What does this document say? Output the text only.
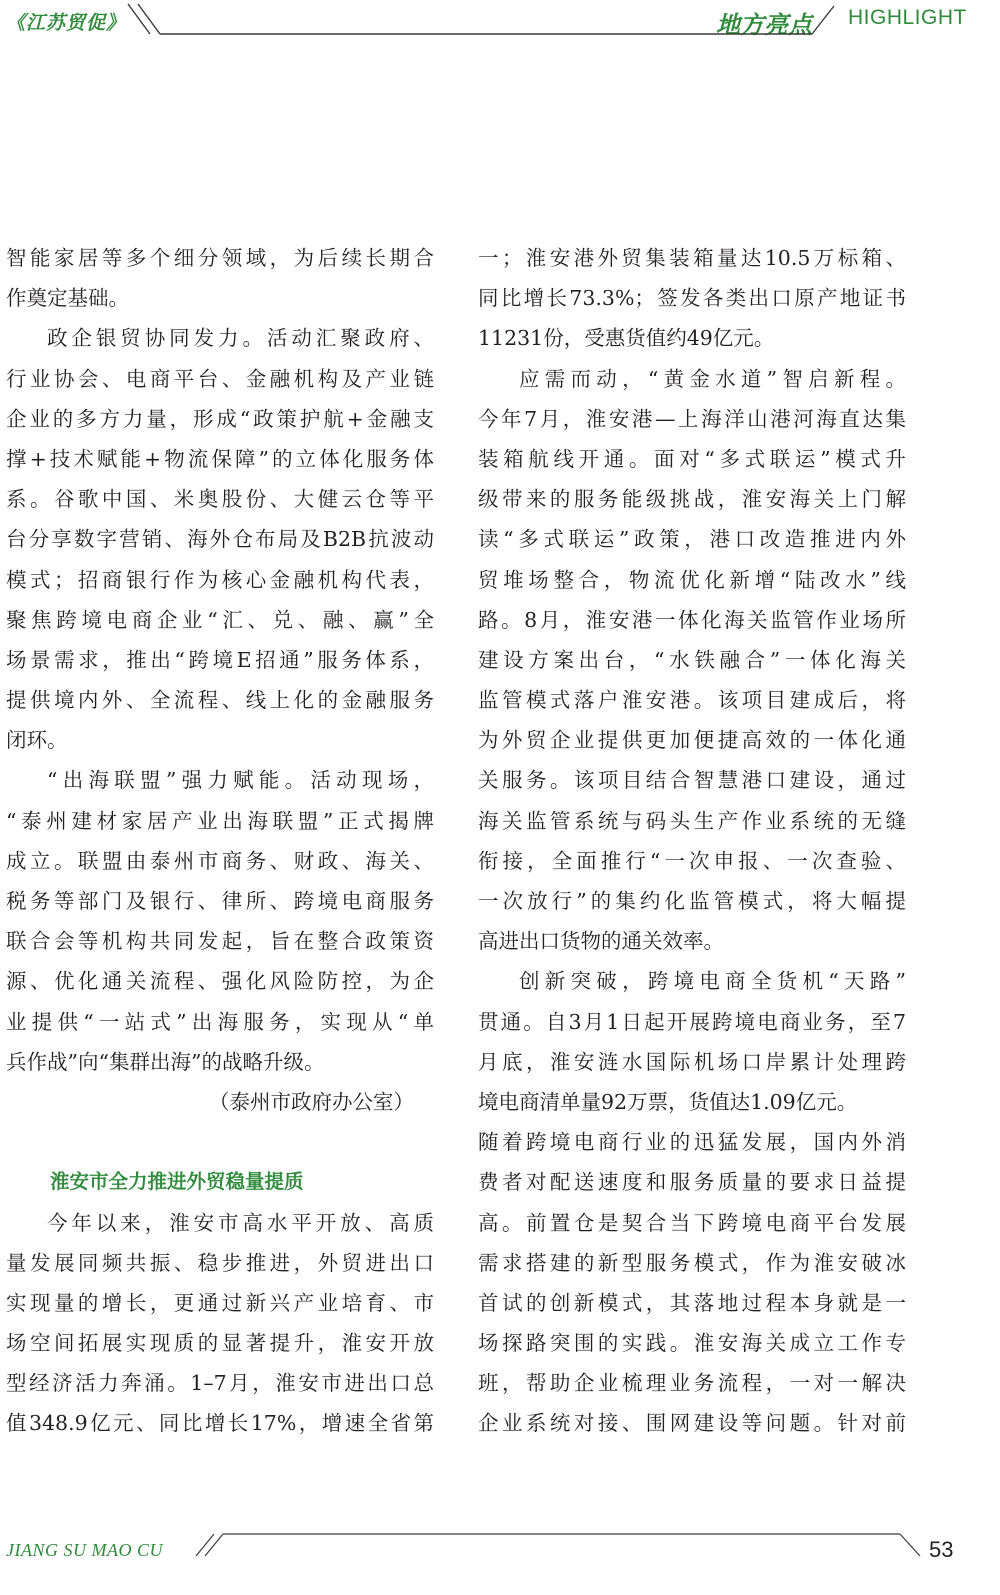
《江苏贸促》	地方亮点 HIGHLIGHT
智能家居等多个细分领域，为后续长期合
作奠定基础。
政企银贸协同发力。活动汇聚政府、
行业协会、电商平台、金融机构及产业链
企业的多方力量，形成“政策护航+金融支
撑+技术赋能+物流保障”的立体化服务体
系。谷歌中国、米奥股份、大健云仓等平
台分享数字营销、海外仓布局及B2B抗波动
模式；招商银行作为核心金融机构代表，
聚焦跨境电商企业“汇、兑、融、赢”全
场景需求，推出“跨境E招通”服务体系，
提供境内外、全流程、线上化的金融服务
闭环。
“出海联盟”强力赋能。活动现场，
“泰州建材家居产业出海联盟”正式揭牌
成立。联盟由泰州市商务、财政、海关、
税务等部门及银行、律所、跨境电商服务
联合会等机构共同发起，旨在整合政策资
源、优化通关流程、强化风险防控，为企
业提供“一站式”出海服务，实现从“单
兵作战”向“集群出海”的战略升级。
（泰州市政府办公室）
淮安市全力推进外贸稳量提质
今年以来，淮安市高水平开放、高质
量发展同频共振、稳步推进，外贸进出口
实现量的增长，更通过新兴产业培育、市
场空间拓展实现质的显著提升，淮安开放
型经济活力奔涌。1–7月，淮安市进出口总
值348.9亿元、同比增长17%，增速全省第
一；淮安港外贸集装箱量达10.5万标箱、
同比增长73.3%；签发各类出口原产地证书
11231份，受惠货值约49亿元。
应需而动，“黄金水道”智启新程。
今年7月，淮安港—上海洋山港河海直达集
装箱航线开通。面对“多式联运”模式升
级带来的服务能级挑战，淮安海关上门解
读“多式联运”政策，港口改造推进内外
贸堆场整合，物流优化新增“陆改水”线
路。8月，淮安港一体化海关监管作业场所
建设方案出台，“水铁融合”一体化海关
监管模式落户淮安港。该项目建成后，将
为外贸企业提供更加便捷高效的一体化通
关服务。该项目结合智慧港口建设，通过
海关监管系统与码头生产作业系统的无缝
衔接，全面推行“一次申报、一次查验、
一次放行”的集约化监管模式，将大幅提
高进出口货物的通关效率。
创新突破，跨境电商全货机“天路”
贯通。自3月1日起开展跨境电商业务，至7
月底，淮安涟水国际机场口岸累计处理跨
境电商清单量92万票，货值达1.09亿元。
随着跨境电商行业的迅猛发展，国内外消
费者对配送速度和服务质量的要求日益提
高。前置仓是契合当下跨境电商平台发展
需求搭建的新型服务模式，作为淮安破冰
首试的创新模式，其落地过程本身就是一
场探路突围的实践。淮安海关成立工作专
班，帮助企业梳理业务流程，一对一解决
企业系统对接、围网建设等问题。针对前
JIANG SU MAO CU	53
